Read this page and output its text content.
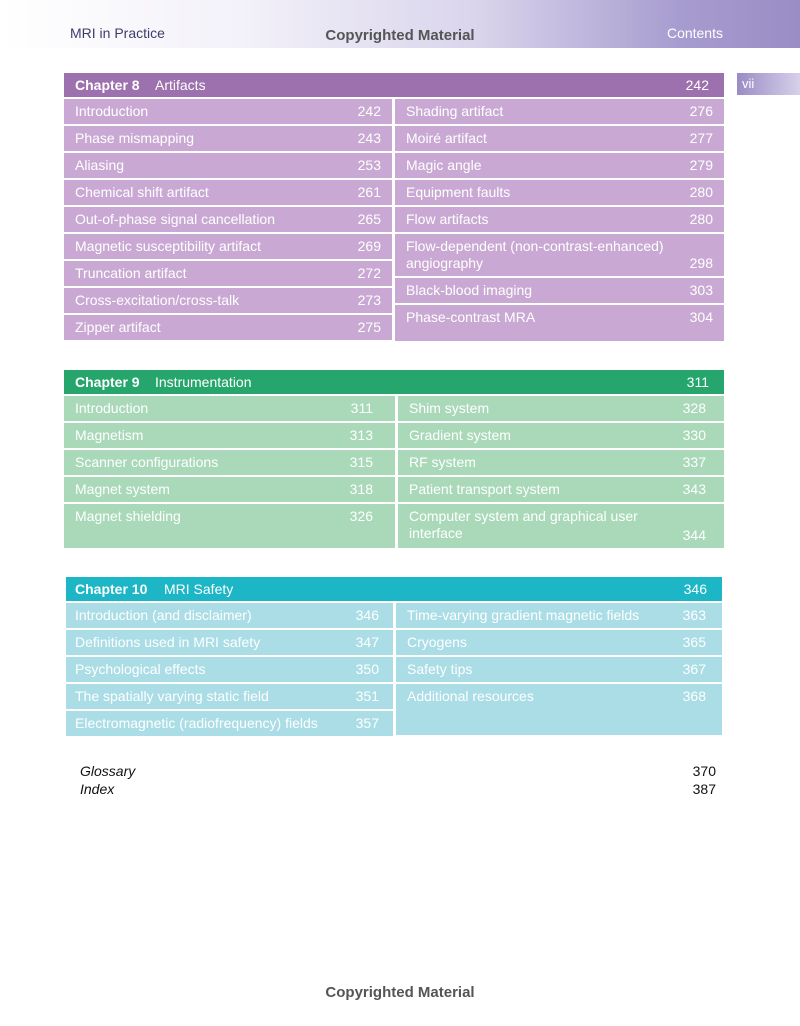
MRI in Practice	Copyrighted Material	Contents
vii
Chapter 8 Artifacts	242
Introduction	242
Phase mismapping	243
Aliasing	253
Chemical shift artifact	261
Out-of-phase signal cancellation	265
Magnetic susceptibility artifact	269
Truncation artifact	272
Cross-excitation/cross-talk	273
Zipper artifact	275
Shading artifact	276
Moiré artifact	277
Magic angle	279
Equipment faults	280
Flow artifacts	280
Flow-dependent (non-contrast-enhanced) angiography	298
Black-blood imaging	303
Phase-contrast MRA	304
Chapter 9 Instrumentation	311
Introduction	311
Magnetism	313
Scanner configurations	315
Magnet system	318
Magnet shielding	326
Shim system	328
Gradient system	330
RF system	337
Patient transport system	343
Computer system and graphical user interface	344
Chapter 10 MRI Safety	346
Introduction (and disclaimer)	346
Definitions used in MRI safety	347
Psychological effects	350
The spatially varying static field	351
Electromagnetic (radiofrequency) fields	357
Time-varying gradient magnetic fields	363
Cryogens	365
Safety tips	367
Additional resources	368
Glossary	370
Index	387
Copyrighted Material
